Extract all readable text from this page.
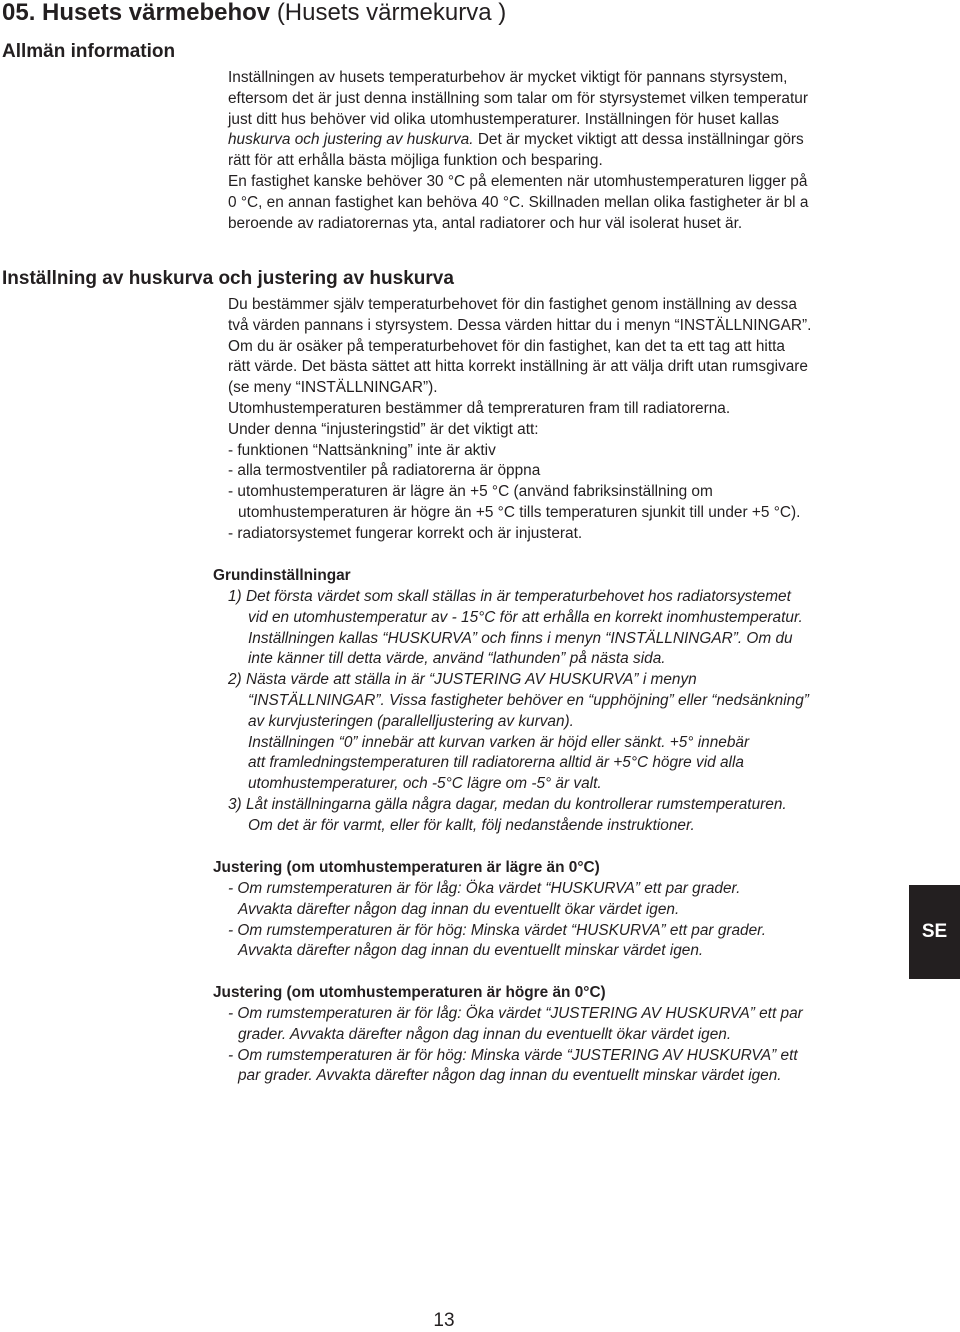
05. Husets värmebehov (Husets värmekurva )
Allmän information
Inställningen av husets temperaturbehov är mycket viktigt för pannans styrsystem,
eftersom det är just denna inställning som talar om för styrsystemet vilken temperatur
just ditt hus behöver vid olika utomhustemperaturer. Inställningen för huset kallas
huskurva och justering av huskurva. Det är mycket viktigt att dessa inställningar görs
rätt för att erhålla bästa möjliga funktion och besparing.
En fastighet kanske behöver 30 °C på elementen när utomhustemperaturen ligger på
0 °C, en annan fastighet kan behöva 40 °C. Skillnaden mellan olika fastigheter är bl a
beroende av radiatorernas yta, antal radiatorer och hur väl isolerat huset är.
Inställning av huskurva och justering av huskurva
Du bestämmer själv temperaturbehovet för din fastighet genom inställning av dessa
två värden pannans i styrsystem. Dessa värden hittar du i menyn “INSTÄLLNINGAR”.
Om du är osäker på temperaturbehovet för din fastighet, kan det ta ett tag att hitta
rätt värde. Det bästa sättet att hitta korrekt inställning är att välja drift utan rumsgivare
(se meny “INSTÄLLNINGAR”).
Utomhustemperaturen bestämmer då tempreraturen fram till radiatorerna.
Under denna “injusteringstid” är det viktigt att:
- funktionen “Nattsänkning” inte är aktiv
- alla termostventiler på radiatorerna är öppna
- utomhustemperaturen är lägre än +5 °C (använd fabriksinställning om
utomhustemperaturen är högre än +5 °C tills temperaturen sjunkit till under +5 °C).
- radiatorsystemet fungerar korrekt och är injusterat.
Grundinställningar
1) Det första värdet som skall ställas in är temperaturbehovet hos radiatorsystemet
vid en utomhustemperatur av - 15°C för att erhålla en korrekt inomhustemperatur.
Inställningen kallas “HUSKURVA” och finns i menyn “INSTÄLLNINGAR”. Om du
inte känner till detta värde, använd “lathunden” på nästa sida.
2) Nästa värde att ställa in är “JUSTERING AV HUSKURVA” i menyn
“INSTÄLLNINGAR”. Vissa fastigheter behöver en “upphöjning” eller “nedsänkning”
av kurvjusteringen (parallelljustering av kurvan).
Inställningen “0” innebär att kurvan varken är höjd eller sänkt. +5° innebär
att framledningstemperaturen till radiatorerna alltid är +5°C högre vid alla
utomhustemperaturer, och -5°C lägre om -5° är valt.
3) Låt inställningarna gälla några dagar, medan du kontrollerar rumstemperaturen.
Om det är för varmt, eller för kallt, följ nedanstående instruktioner.
Justering (om utomhustemperaturen är lägre än 0°C)
- Om rumstemperaturen är för låg: Öka värdet “HUSKURVA” ett par grader.
Avvakta därefter någon dag innan du eventuellt ökar värdet igen.
- Om rumstemperaturen är för hög: Minska värdet “HUSKURVA” ett par grader.
Avvakta därefter någon dag innan du eventuellt minskar värdet igen.
Justering (om utomhustemperaturen är högre än 0°C)
- Om rumstemperaturen är för låg: Öka värdet “JUSTERING AV HUSKURVA” ett par
grader. Avvakta därefter någon dag innan du eventuellt ökar värdet igen.
- Om rumstemperaturen är för hög: Minska värde “JUSTERING AV HUSKURVA” ett
par grader. Avvakta därefter någon dag innan du eventuellt minskar värdet igen.
SE
13
